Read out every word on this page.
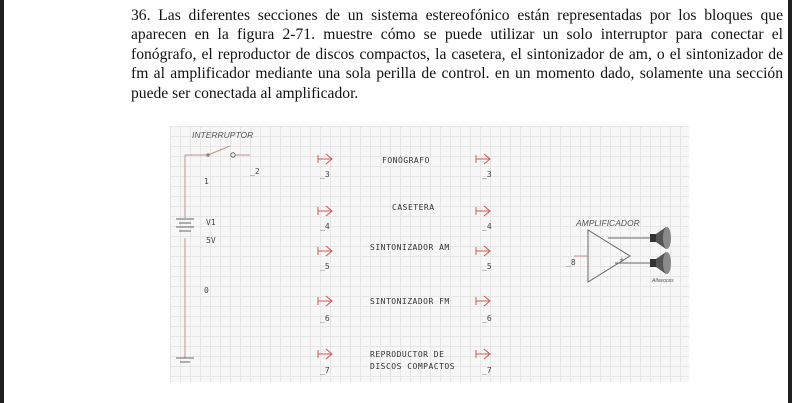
36. Las diferentes secciones de un sistema estereofónico están representadas por los bloques que aparecen en la figura 2-71. muestre cómo se puede utilizar un solo interruptor para conectar el fonógrafo, el reproductor de discos compactos, la casetera, el sintonizador de am, o el sintonizador de fm al amplificador mediante una sola perilla de control. en un momento dado, solamente una sección puede ser conectada al amplificador.

+
INTERRUPTOR
_2
1
V1
5V
0
FONÓGRAFO
_3	_3
CASETERA
_4	_4
SINTONIZADOR AM
_5	_5
SINTONIZADOR FM
_6	_6
REPRODUCTOR DE
DISCOS COMPACTOS
_7	_7
AMPLIFICADOR
_8
Altavoces
